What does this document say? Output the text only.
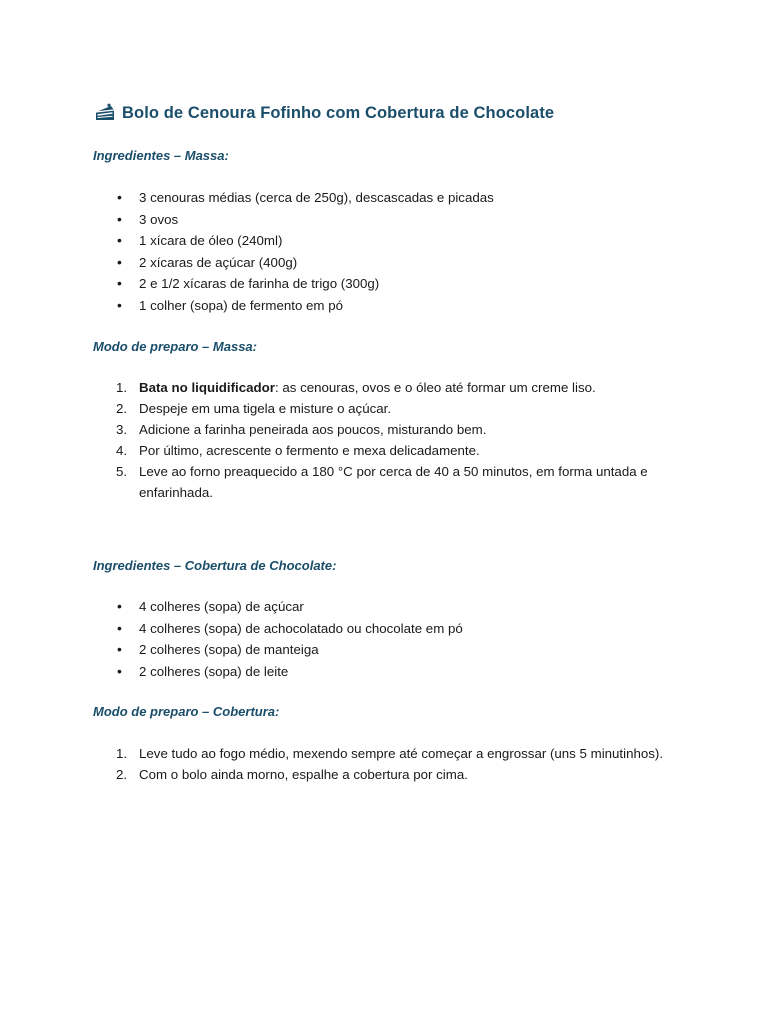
Bolo de Cenoura Fofinho com Cobertura de Chocolate
Ingredientes – Massa:
• 3 cenouras médias (cerca de 250g), descascadas e picadas
• 3 ovos
• 1 xícara de óleo (240ml)
• 2 xícaras de açúcar (400g)
• 2 e 1/2 xícaras de farinha de trigo (300g)
• 1 colher (sopa) de fermento em pó
Modo de preparo – Massa:
1. Bata no liquidificador: as cenouras, ovos e o óleo até formar um creme liso.
2. Despeje em uma tigela e misture o açúcar.
3. Adicione a farinha peneirada aos poucos, misturando bem.
4. Por último, acrescente o fermento e mexa delicadamente.
5. Leve ao forno preaquecido a 180 °C por cerca de 40 a 50 minutos, em forma untada e enfarinhada.
Ingredientes – Cobertura de Chocolate:
• 4 colheres (sopa) de açúcar
• 4 colheres (sopa) de achocolatado ou chocolate em pó
• 2 colheres (sopa) de manteiga
• 2 colheres (sopa) de leite
Modo de preparo – Cobertura:
1. Leve tudo ao fogo médio, mexendo sempre até começar a engrossar (uns 5 minutinhos).
2. Com o bolo ainda morno, espalhe a cobertura por cima.
